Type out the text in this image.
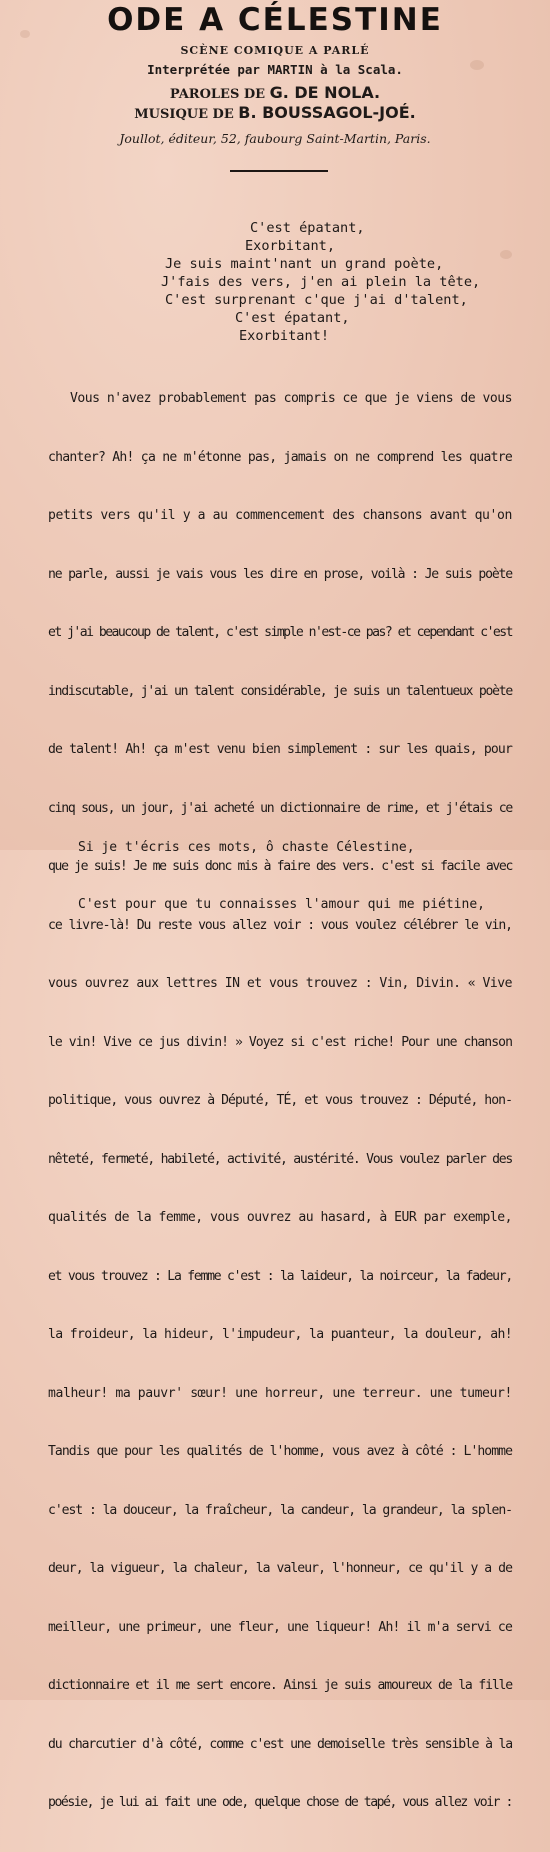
ODE A CÉLESTINE
SCÈNE COMIQUE A PARLÉ
Interprétée par MARTIN à la Scala.
PAROLES DE G. DE NOLA.
MUSIQUE DE B. BOUSSAGOL-JOÉ.
Joullot, éditeur, 52, faubourg Saint-Martin, Paris.
C'est épatant,
Exorbitant,
Je suis maint'nant un grand poète,
J'fais des vers, j'en ai plein la tête,
C'est surprenant c'que j'ai d'talent,
C'est épatant,
Exorbitant!

Vous n'avez probablement pas compris ce que je viens de vous

chanter? Ah! ça ne m'étonne pas, jamais on ne comprend les quatre

petits vers qu'il y a au commencement des chansons avant qu'on

ne parle, aussi je vais vous les dire en prose, voilà : Je suis poète

et j'ai beaucoup de talent, c'est simple n'est-ce pas? et cependant c'est

indiscutable, j'ai un talent considérable, je suis un talentueux poète

de talent! Ah! ça m'est venu bien simplement : sur les quais, pour

cinq sous, un jour, j'ai acheté un dictionnaire de rime, et j'étais ce

que je suis! Je me suis donc mis à faire des vers. c'est si facile avec

ce livre-là! Du reste vous allez voir : vous voulez célébrer le vin,

vous ouvrez aux lettres IN et vous trouvez : Vin, Divin. « Vive

le vin! Vive ce jus divin! » Voyez si c'est riche! Pour une chanson

politique, vous ouvrez à Député, TÉ, et vous trouvez : Député, hon-

nêteté, fermeté, habileté, activité, austérité. Vous voulez parler des

qualités de la femme, vous ouvrez au hasard, à EUR par exemple,

et vous trouvez : La femme c'est : la laideur, la noirceur, la fadeur,

la froideur, la hideur, l'impudeur, la puanteur, la douleur, ah!

malheur! ma pauvr' sœur! une horreur, une terreur. une tumeur!

Tandis que pour les qualités de l'homme, vous avez à côté : L'homme

c'est : la douceur, la fraîcheur, la candeur, la grandeur, la splen-

deur, la vigueur, la chaleur, la valeur, l'honneur, ce qu'il y a de

meilleur, une primeur, une fleur, une liqueur! Ah! il m'a servi ce

dictionnaire et il me sert encore. Ainsi je suis amoureux de la fille

du charcutier d'à côté, comme c'est une demoiselle très sensible à la

poésie, je lui ai fait une ode, quelque chose de tapé, vous allez voir :

Si je t'écris ces mots, ô chaste Célestine,

C'est pour que tu connaisses l'amour qui me piétine,
